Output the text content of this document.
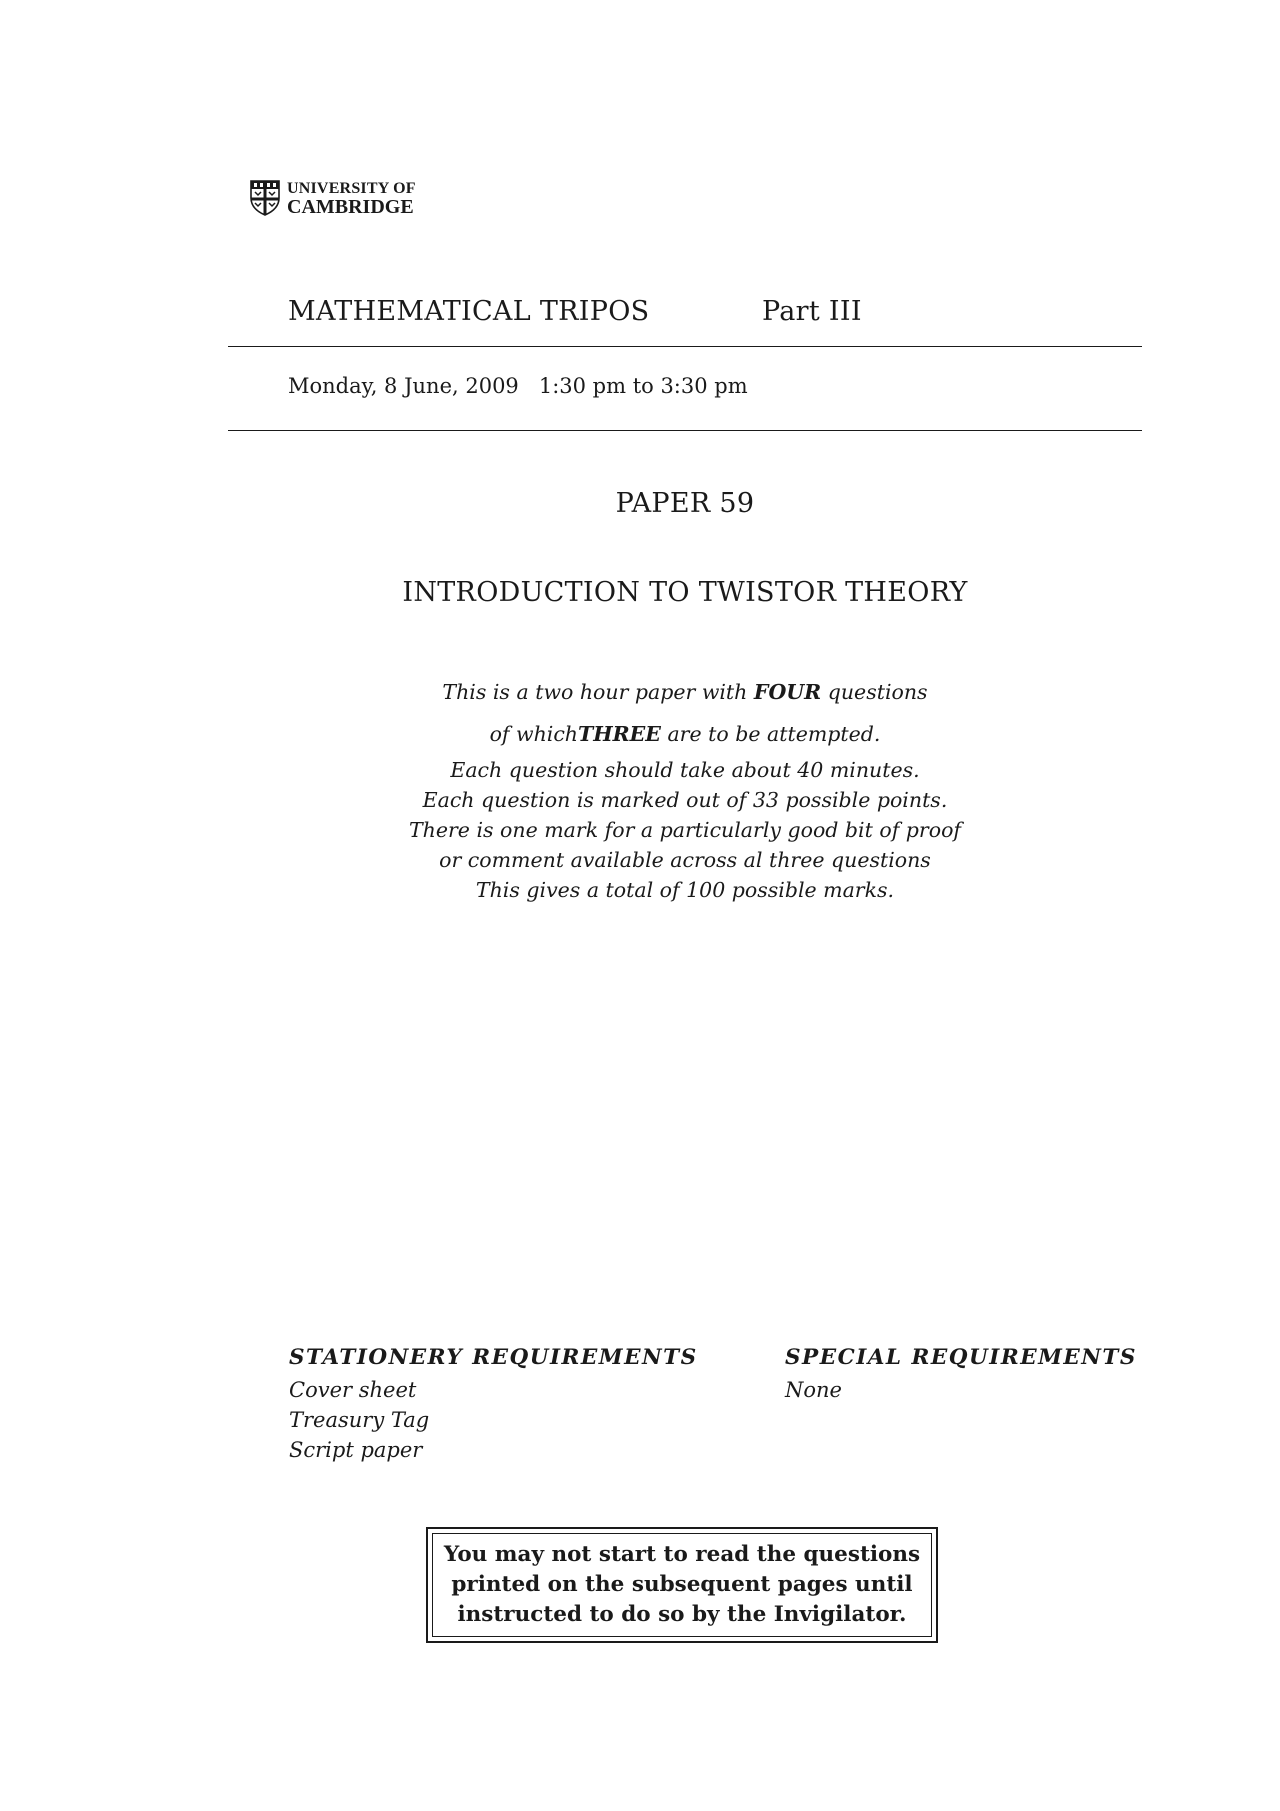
UNIVERSITY OF
CAMBRIDGE
MATHEMATICAL TRIPOS	Part III
Monday, 8 June, 2009 1:30 pm to 3:30 pm
PAPER 59
INTRODUCTION TO TWISTOR THEORY
This is a two hour paper with FOUR questions
of whichTHREE are to be attempted.
Each question should take about 40 minutes.
Each question is marked out of 33 possible points.
There is one mark for a particularly good bit of proof
or comment available across al three questions
This gives a total of 100 possible marks.
STATIONERY REQUIREMENTS
Cover sheet
Treasury Tag
Script paper
SPECIAL REQUIREMENTS
None
You may not start to read the questions
printed on the subsequent pages until
instructed to do so by the Invigilator.
